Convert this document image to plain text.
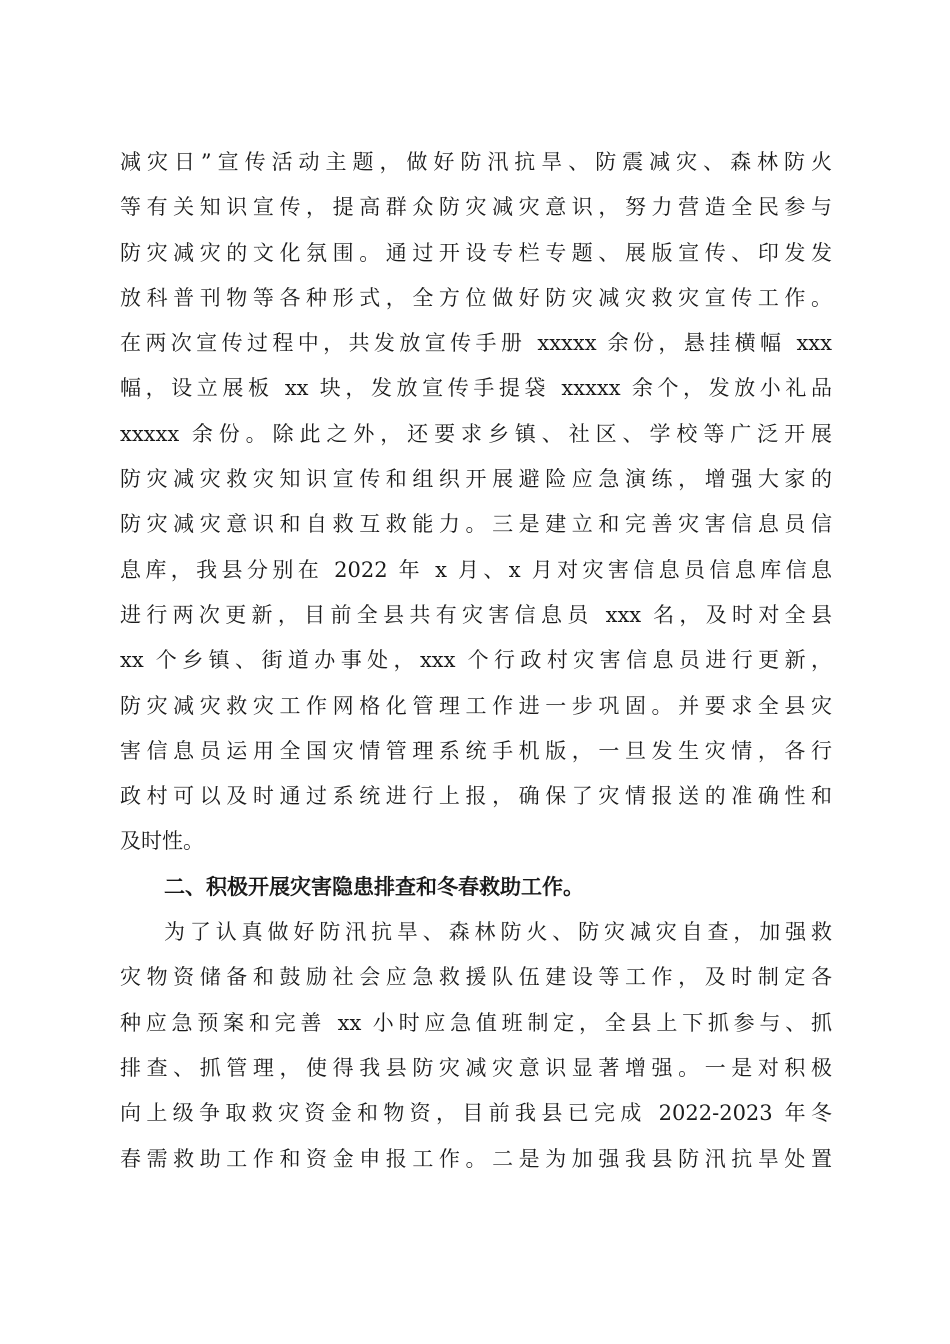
减灾日”宣传活动主题，做好防汛抗旱、防震减灾、森林防火
等有关知识宣传，提高群众防灾减灾意识，努力营造全民参与
防灾减灾的文化氛围。通过开设专栏专题、展版宣传、印发发
放科普刊物等各种形式，全方位做好防灾减灾救灾宣传工作。
在两次宣传过程中，共发放宣传手册 xxxxx 余份，悬挂横幅 xxx
幅，设立展板 xx 块，发放宣传手提袋 xxxxx 余个，发放小礼品
xxxxx 余份。除此之外，还要求乡镇、社区、学校等广泛开展
防灾减灾救灾知识宣传和组织开展避险应急演练，增强大家的
防灾减灾意识和自救互救能力。三是建立和完善灾害信息员信
息库，我县分别在 2022 年 x 月、x 月对灾害信息员信息库信息
进行两次更新，目前全县共有灾害信息员 xxx 名，及时对全县
xx 个乡镇、街道办事处，xxx 个行政村灾害信息员进行更新，
防灾减灾救灾工作网格化管理工作进一步巩固。并要求全县灾
害信息员运用全国灾情管理系统手机版，一旦发生灾情，各行
政村可以及时通过系统进行上报，确保了灾情报送的准确性和
及时性。
二、积极开展灾害隐患排查和冬春救助工作。
为了认真做好防汛抗旱、森林防火、防灾减灾自查，加强救
灾物资储备和鼓励社会应急救援队伍建设等工作，及时制定各
种应急预案和完善 xx 小时应急值班制定，全县上下抓参与、抓
排查、抓管理，使得我县防灾减灾意识显著增强。一是对积极
向上级争取救灾资金和物资，目前我县已完成 2022-2023 年冬
春需救助工作和资金申报工作。二是为加强我县防汛抗旱处置
